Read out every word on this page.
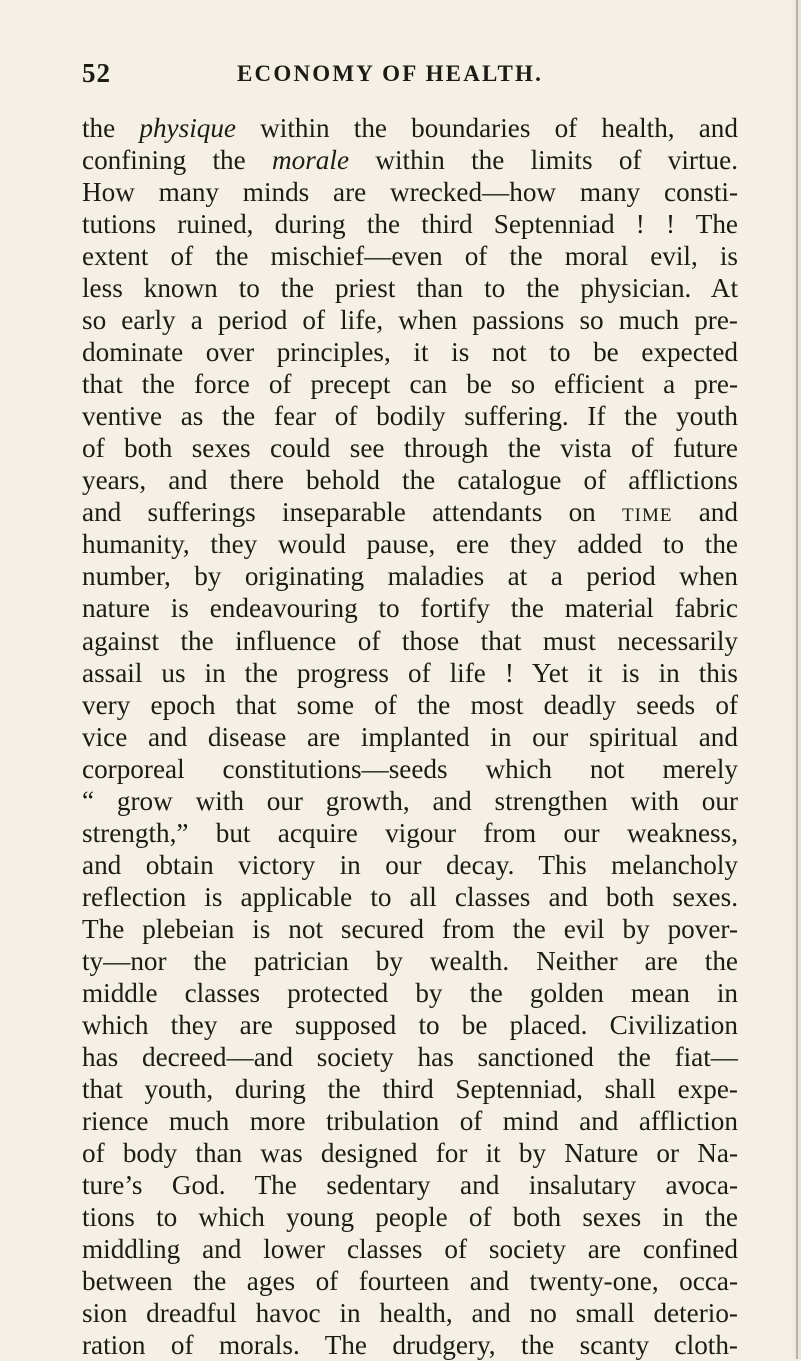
52	ECONOMY OF HEALTH.
the physique within the boundaries of health, and
confining the morale within the limits of virtue.
How many minds are wrecked—how many consti-
tutions ruined, during the third Septenniad ! ! The
extent of the mischief—even of the moral evil, is
less known to the priest than to the physician. At
so early a period of life, when passions so much pre-
dominate over principles, it is not to be expected
that the force of precept can be so efficient a pre-
ventive as the fear of bodily suffering. If the youth
of both sexes could see through the vista of future
years, and there behold the catalogue of afflictions
and sufferings inseparable attendants on time and
humanity, they would pause, ere they added to the
number, by originating maladies at a period when
nature is endeavouring to fortify the material fabric
against the influence of those that must necessarily
assail us in the progress of life ! Yet it is in this
very epoch that some of the most deadly seeds of
vice and disease are implanted in our spiritual and
corporeal constitutions—seeds which not merely
“ grow with our growth, and strengthen with our
strength,” but acquire vigour from our weakness,
and obtain victory in our decay. This melancholy
reflection is applicable to all classes and both sexes.
The plebeian is not secured from the evil by pover-
ty—nor the patrician by wealth. Neither are the
middle classes protected by the golden mean in
which they are supposed to be placed. Civilization
has decreed—and society has sanctioned the fiat—
that youth, during the third Septenniad, shall expe-
rience much more tribulation of mind and affliction
of body than was designed for it by Nature or Na-
ture’s God. The sedentary and insalutary avoca-
tions to which young people of both sexes in the
middling and lower classes of society are confined
between the ages of fourteen and twenty-one, occa-
sion dreadful havoc in health, and no small deterio-
ration of morals. The drudgery, the scanty cloth-
